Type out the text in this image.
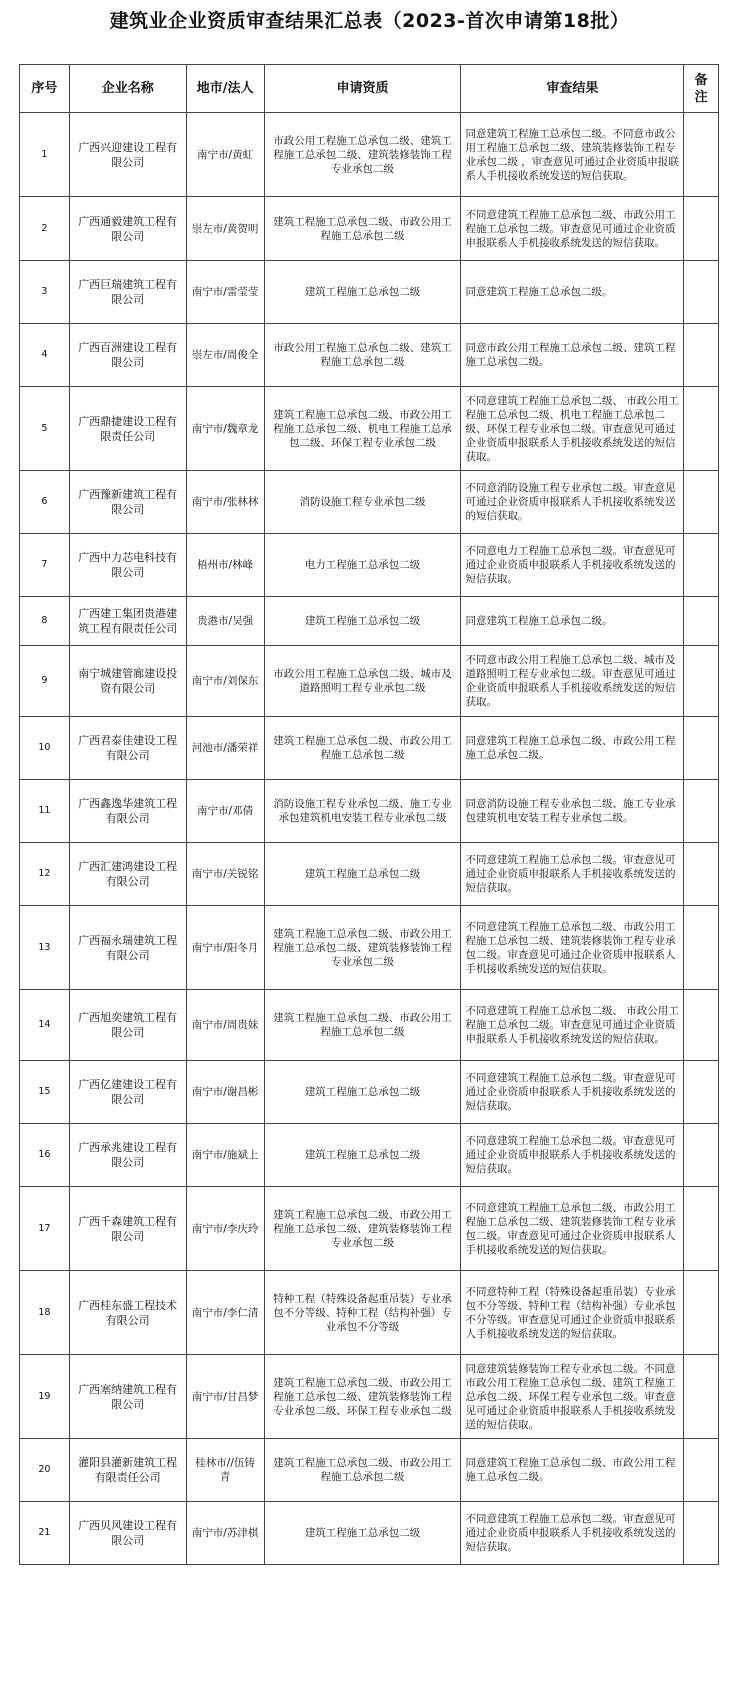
建筑业企业资质审查结果汇总表（2023-首次申请第18批）
序号	企业名称	地市/法人	申请资质	审查结果	备注
1	广西兴迎建设工程有限公司	南宁市/黄虹	市政公用工程施工总承包二级、建筑工程施工总承包二级、建筑装修装饰工程专业承包二级	同意建筑工程施工总承包二级。不同意市政公用工程施工总承包二级、建筑装修装饰工程专业承包二级 ，审查意见可通过企业资质申报联系人手机接收系统发送的短信获取。	
2	广西通毅建筑工程有限公司	崇左市/黄贺明	建筑工程施工总承包二级、市政公用工程施工总承包二级	不同意建筑工程施工总承包二级、市政公用工程施工总承包二级。审查意见可通过企业资质申报联系人手机接收系统发送的短信获取。	
3	广西巨瑞建筑工程有限公司	南宁市/雷莹莹	建筑工程施工总承包二级	同意建筑工程施工总承包二级。	
4	广西百洲建设工程有限公司	崇左市/周俊全	市政公用工程施工总承包二级、建筑工程施工总承包二级	同意市政公用工程施工总承包二级、建筑工程施工总承包二级。	
5	广西鼎捷建设工程有限责任公司	南宁市/魏章龙	建筑工程施工总承包二级、市政公用工程施工总承包二级、机电工程施工总承包二级、环保工程专业承包二级	不同意建筑工程施工总承包二级、 市政公用工程施工总承包二级、机电工程施工总承包二级、环保工程专业承包二级。审查意见可通过企业资质申报联系人手机接收系统发送的短信获取。	
6	广西豫新建筑工程有限公司	南宁市/张林林	消防设施工程专业承包二级	不同意消防设施工程专业承包二级。审查意见可通过企业资质申报联系人手机接收系统发送的短信获取。	
7	广西中力芯电科技有限公司	梧州市/林峰	电力工程施工总承包二级	不同意电力工程施工总承包二级。审查意见可通过企业资质申报联系人手机接收系统发送的短信获取。	
8	广西建工集团贵港建筑工程有限责任公司	贵港市/吴强	建筑工程施工总承包二级	同意建筑工程施工总承包二级。	
9	南宁城建管廊建设投资有限公司	南宁市/刘保东	市政公用工程施工总承包二级、城市及道路照明工程专业承包二级	不同意市政公用工程施工总承包二级、城市及道路照明工程专业承包二级。审查意见可通过企业资质申报联系人手机接收系统发送的短信获取。	
10	广西君泰佳建设工程有限公司	河池市/潘荣祥	建筑工程施工总承包二级、市政公用工程施工总承包二级	同意建筑工程施工总承包二级、市政公用工程施工总承包二级。	
11	广西鑫逸华建筑工程有限公司	南宁市/邓倩	消防设施工程专业承包二级、施工专业承包建筑机电安装工程专业承包二级	同意消防设施工程专业承包二级、施工专业承包建筑机电安装工程专业承包二级。	
12	广西汇建鸿建设工程有限公司	南宁市/关锐铭	建筑工程施工总承包二级	不同意建筑工程施工总承包二级。审查意见可通过企业资质申报联系人手机接收系统发送的短信获取。	
13	广西福永瑞建筑工程有限公司	南宁市/阳冬月	建筑工程施工总承包二级、市政公用工程施工总承包二级、建筑装修装饰工程专业承包二级	不同意建筑工程施工总承包二级、市政公用工程施工总承包二级、建筑装修装饰工程专业承包二级。审查意见可通过企业资质申报联系人手机接收系统发送的短信获取。	
14	广西旭奕建筑工程有限公司	南宁市/周贵妹	建筑工程施工总承包二级、市政公用工程施工总承包二级	不同意建筑工程施工总承包二级、 市政公用工程施工总承包二级。审查意见可通过企业资质申报联系人手机接收系统发送的短信获取。	
15	广西亿建建设工程有限公司	南宁市/谢昌彬	建筑工程施工总承包二级	不同意建筑工程施工总承包二级。审查意见可通过企业资质申报联系人手机接收系统发送的短信获取。	
16	广西承兆建设工程有限公司	南宁市/施斌上	建筑工程施工总承包二级	不同意建筑工程施工总承包二级。审查意见可通过企业资质申报联系人手机接收系统发送的短信获取。	
17	广西千森建筑工程有限公司	南宁市/李庆玲	建筑工程施工总承包二级、市政公用工程施工总承包二级、建筑装修装饰工程专业承包二级	不同意建筑工程施工总承包二级、市政公用工程施工总承包二级、建筑装修装饰工程专业承包二级。审查意见可通过企业资质申报联系人手机接收系统发送的短信获取。	
18	广西桂东盛工程技术有限公司	南宁市/李仁清	特种工程（特殊设备起重吊装）专业承包不分等级、特种工程（结构补强）专业承包不分等级	不同意特种工程（特殊设备起重吊装）专业承包不分等级、特种工程（结构补强）专业承包不分等级。审查意见可通过企业资质申报联系人手机接收系统发送的短信获取。	
19	广西塞纳建筑工程有限公司	南宁市/甘昌梦	建筑工程施工总承包二级、市政公用工程施工总承包二级、建筑装修装饰工程专业承包二级、环保工程专业承包二级	同意建筑装修装饰工程专业承包二级。不同意市政公用工程施工总承包二级、建筑工程施工总承包二级、环保工程专业承包二级。审查意见可通过企业资质申报联系人手机接收系统发送的短信获取。	
20	灌阳县灌新建筑工程有限责任公司	桂林市//伍铸青	建筑工程施工总承包二级、市政公用工程施工总承包二级	同意建筑工程施工总承包二级、市政公用工程施工总承包二级。	
21	广西贝风建设工程有限公司	南宁市/苏津棋	建筑工程施工总承包二级	不同意建筑工程施工总承包二级。审查意见可通过企业资质申报联系人手机接收系统发送的短信获取。	
